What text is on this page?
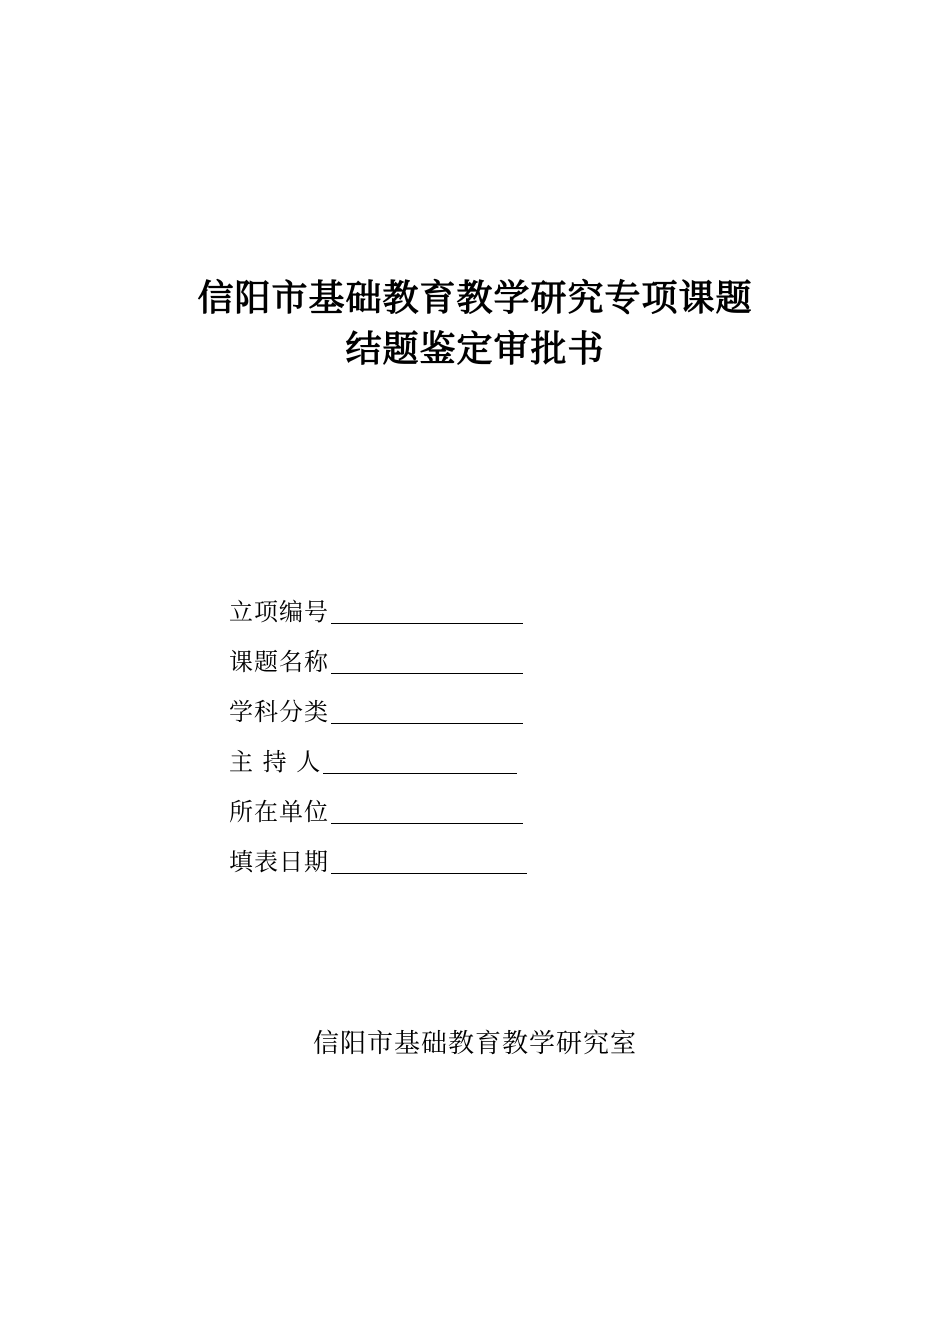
信阳市基础教育教学研究专项课题
结题鉴定审批书
立项编号
课题名称
学科分类
主 持 人
所在单位
填表日期
信阳市基础教育教学研究室
